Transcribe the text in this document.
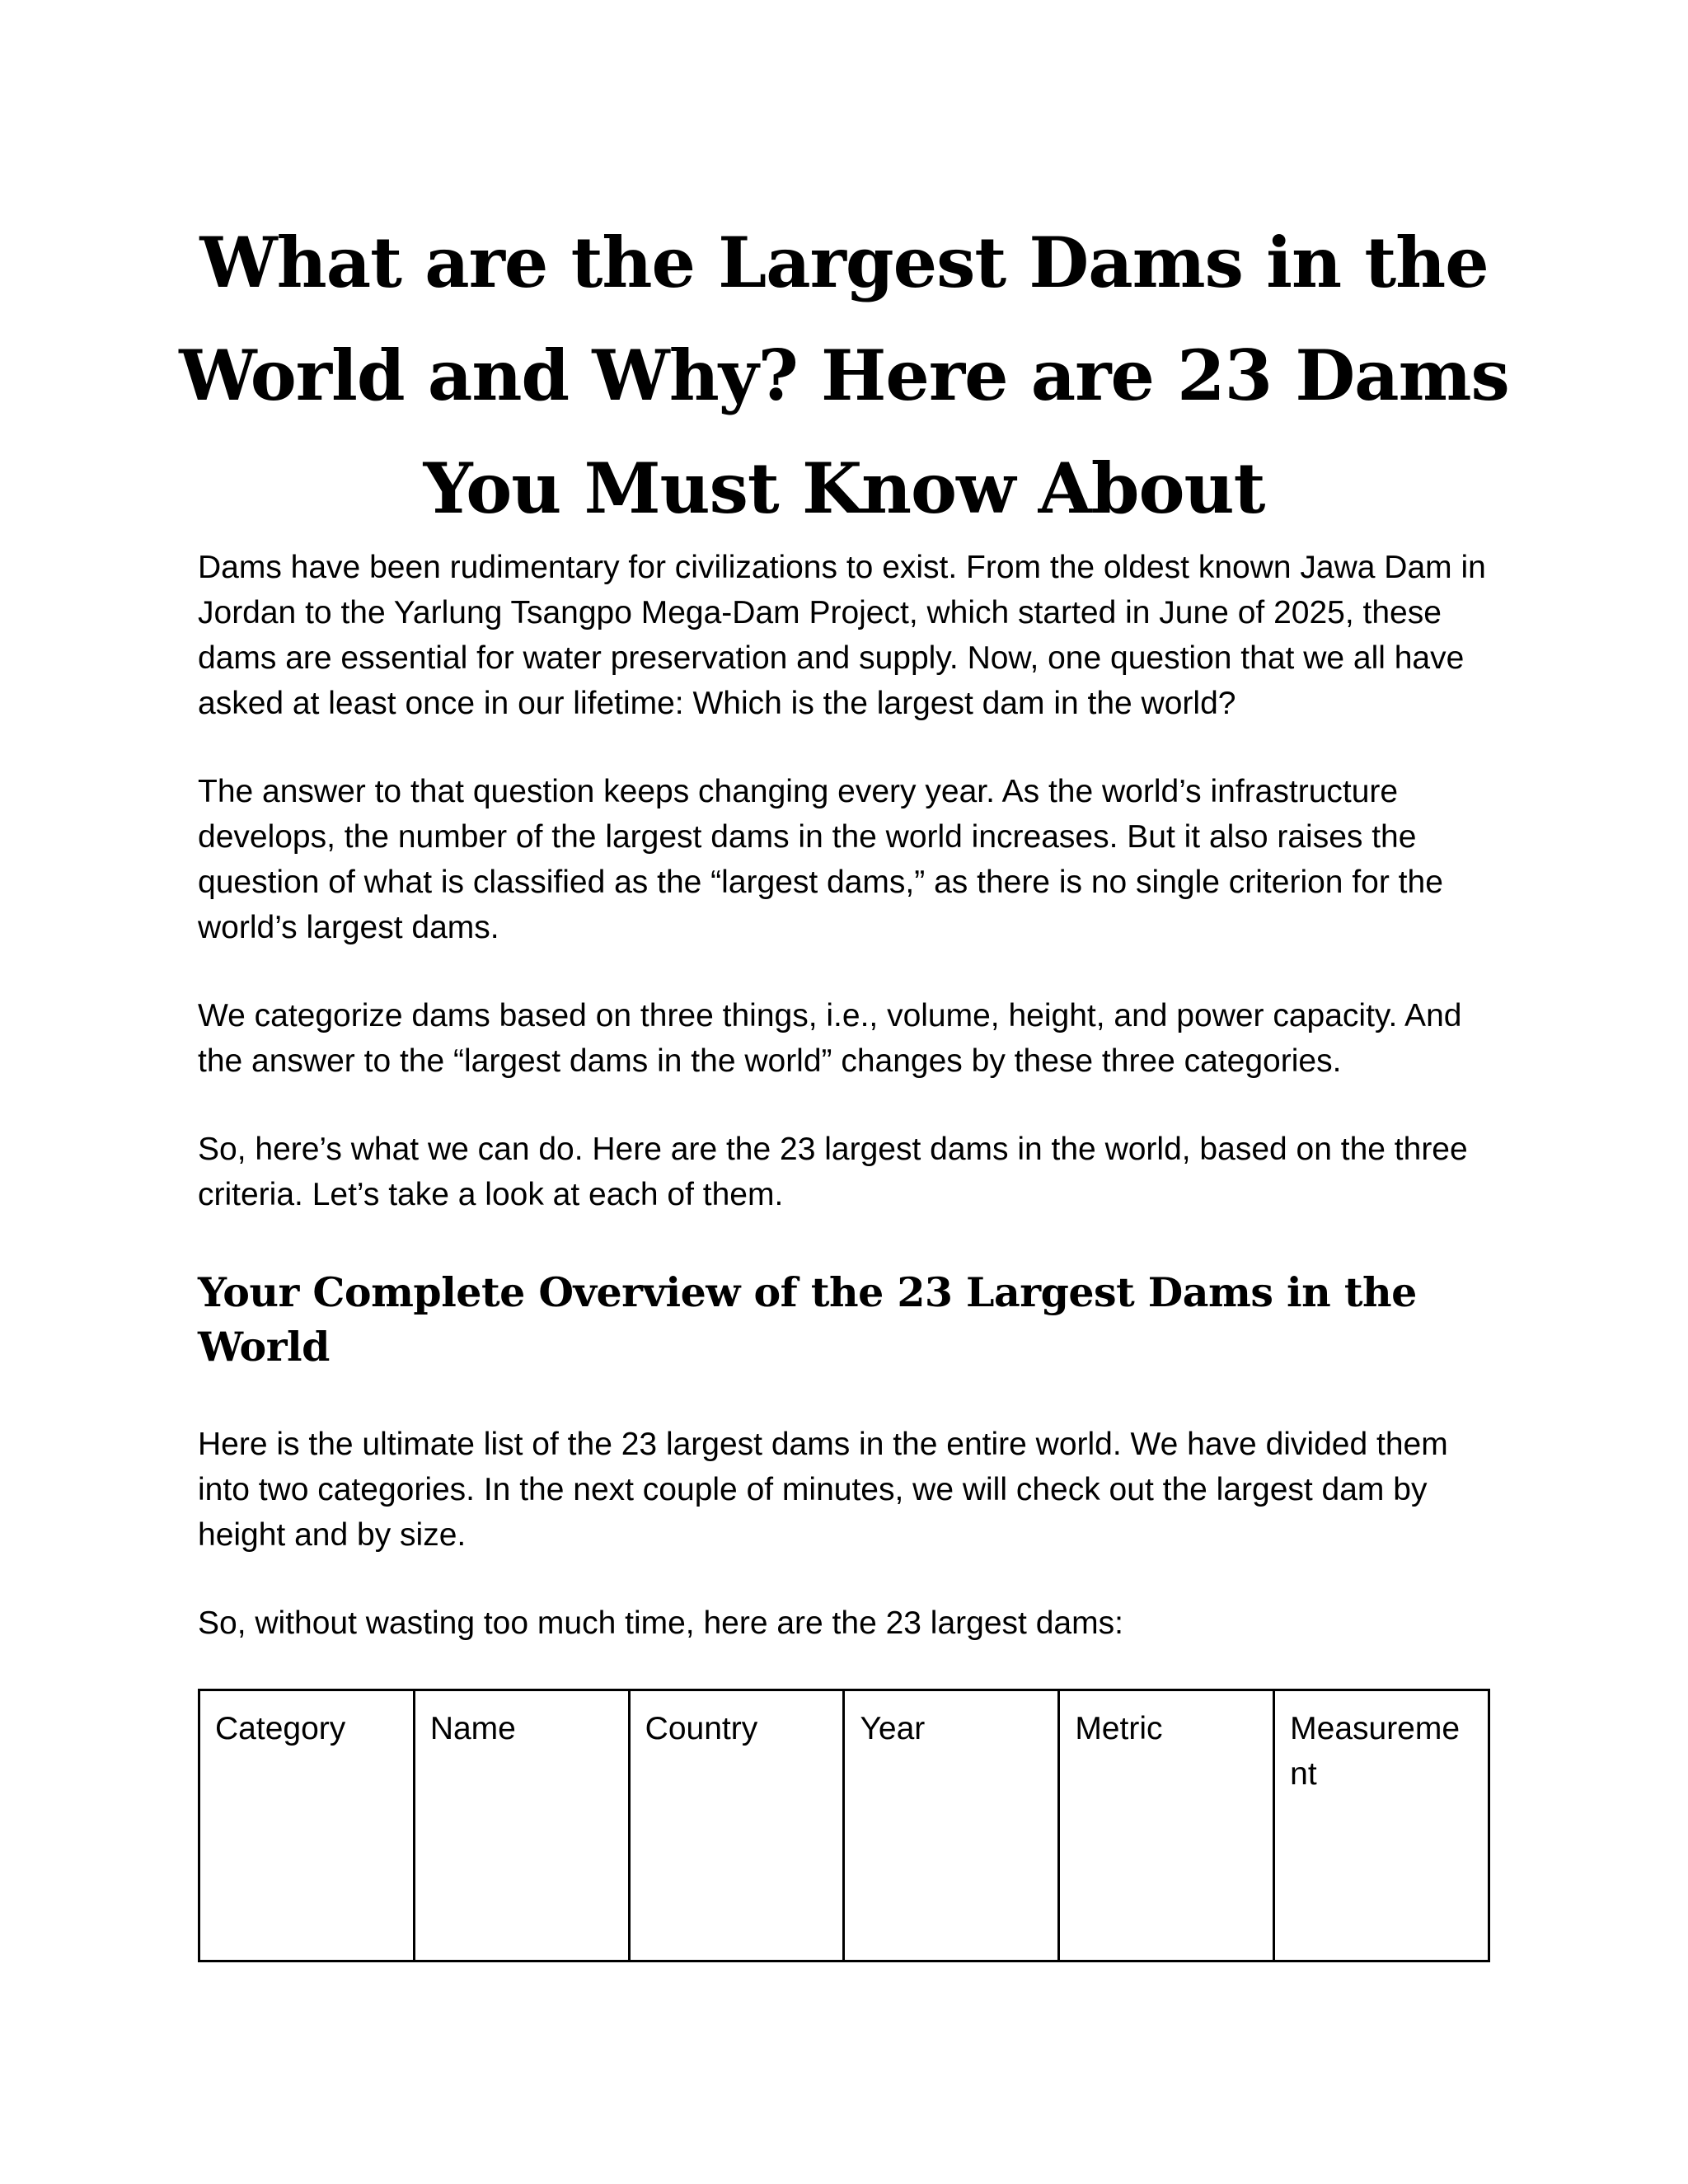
What are the Largest Dams in the World and Why? Here are 23 Dams You Must Know About

Dams have been rudimentary for civilizations to exist. From the oldest known Jawa Dam in Jordan to the Yarlung Tsangpo Mega-Dam Project, which started in June of 2025, these dams are essential for water preservation and supply. Now, one question that we all have asked at least once in our lifetime: Which is the largest dam in the world?

The answer to that question keeps changing every year. As the world’s infrastructure develops, the number of the largest dams in the world increases. But it also raises the question of what is classified as the “largest dams,” as there is no single criterion for the world’s largest dams.

We categorize dams based on three things, i.e., volume, height, and power capacity. And the answer to the “largest dams in the world” changes by these three categories.

So, here’s what we can do. Here are the 23 largest dams in the world, based on the three criteria. Let’s take a look at each of them.

Your Complete Overview of the 23 Largest Dams in the World

Here is the ultimate list of the 23 largest dams in the entire world. We have divided them into two categories. In the next couple of minutes, we will check out the largest dam by height and by size.

So, without wasting too much time, here are the 23 largest dams:

Category	Name	Country	Year	Metric	Measurement
